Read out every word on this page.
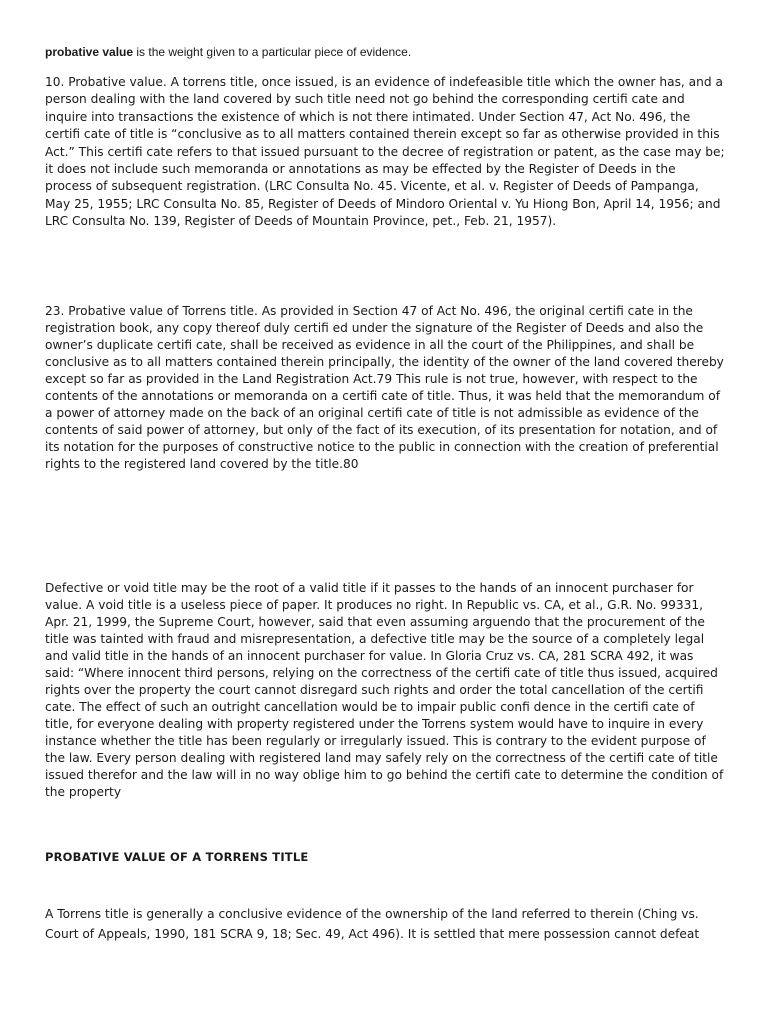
probative value is the weight given to a particular piece of evidence.

10. Probative value. A torrens title, once issued, is an evidence of indefeasible title which the owner has, and a person dealing with the land covered by such title need not go behind the corresponding certifi cate and inquire into transactions the existence of which is not there intimated. Under Section 47, Act No. 496, the certifi cate of title is “conclusive as to all matters contained therein except so far as otherwise provided in this Act.” This certifi cate refers to that issued pursuant to the decree of registration or patent, as the case may be; it does not include such memoranda or annotations as may be effected by the Register of Deeds in the process of subsequent registration. (LRC Consulta No. 45. Vicente, et al. v. Register of Deeds of Pampanga, May 25, 1955; LRC Consulta No. 85, Register of Deeds of Mindoro Oriental v. Yu Hiong Bon, April 14, 1956; and LRC Consulta No. 139, Register of Deeds of Mountain Province, pet., Feb. 21, 1957).

23. Probative value of Torrens title. As provided in Section 47 of Act No. 496, the original certifi cate in the registration book, any copy thereof duly certifi ed under the signature of the Register of Deeds and also the owner’s duplicate certifi cate, shall be received as evidence in all the court of the Philippines, and shall be conclusive as to all matters contained therein principally, the identity of the owner of the land covered thereby except so far as provided in the Land Registration Act.79 This rule is not true, however, with respect to the contents of the annotations or memoranda on a certifi cate of title. Thus, it was held that the memorandum of a power of attorney made on the back of an original certifi cate of title is not admissible as evidence of the contents of said power of attorney, but only of the fact of its execution, of its presentation for notation, and of its notation for the purposes of constructive notice to the public in connection with the creation of preferential rights to the registered land covered by the title.80

Defective or void title may be the root of a valid title if it passes to the hands of an innocent purchaser for value. A void title is a useless piece of paper. It produces no right. In Republic vs. CA, et al., G.R. No. 99331, Apr. 21, 1999, the Supreme Court, however, said that even assuming arguendo that the procurement of the title was tainted with fraud and misrepresentation, a defective title may be the source of a completely legal and valid title in the hands of an innocent purchaser for value. In Gloria Cruz vs. CA, 281 SCRA 492, it was said: “Where innocent third persons, relying on the correctness of the certifi cate of title thus issued, acquired rights over the property the court cannot disregard such rights and order the total cancellation of the certifi cate. The effect of such an outright cancellation would be to impair public confi dence in the certifi cate of title, for everyone dealing with property registered under the Torrens system would have to inquire in every instance whether the title has been regularly or irregularly issued. This is contrary to the evident purpose of the law. Every person dealing with registered land may safely rely on the correctness of the certifi cate of title issued therefor and the law will in no way oblige him to go behind the certifi cate to determine the condition of the property

PROBATIVE VALUE OF A TORRENS TITLE

A Torrens title is generally a conclusive evidence of the ownership of the land referred to therein (Ching vs. Court of Appeals, 1990, 181 SCRA 9, 18; Sec. 49, Act 496). It is settled that mere possession cannot defeat
